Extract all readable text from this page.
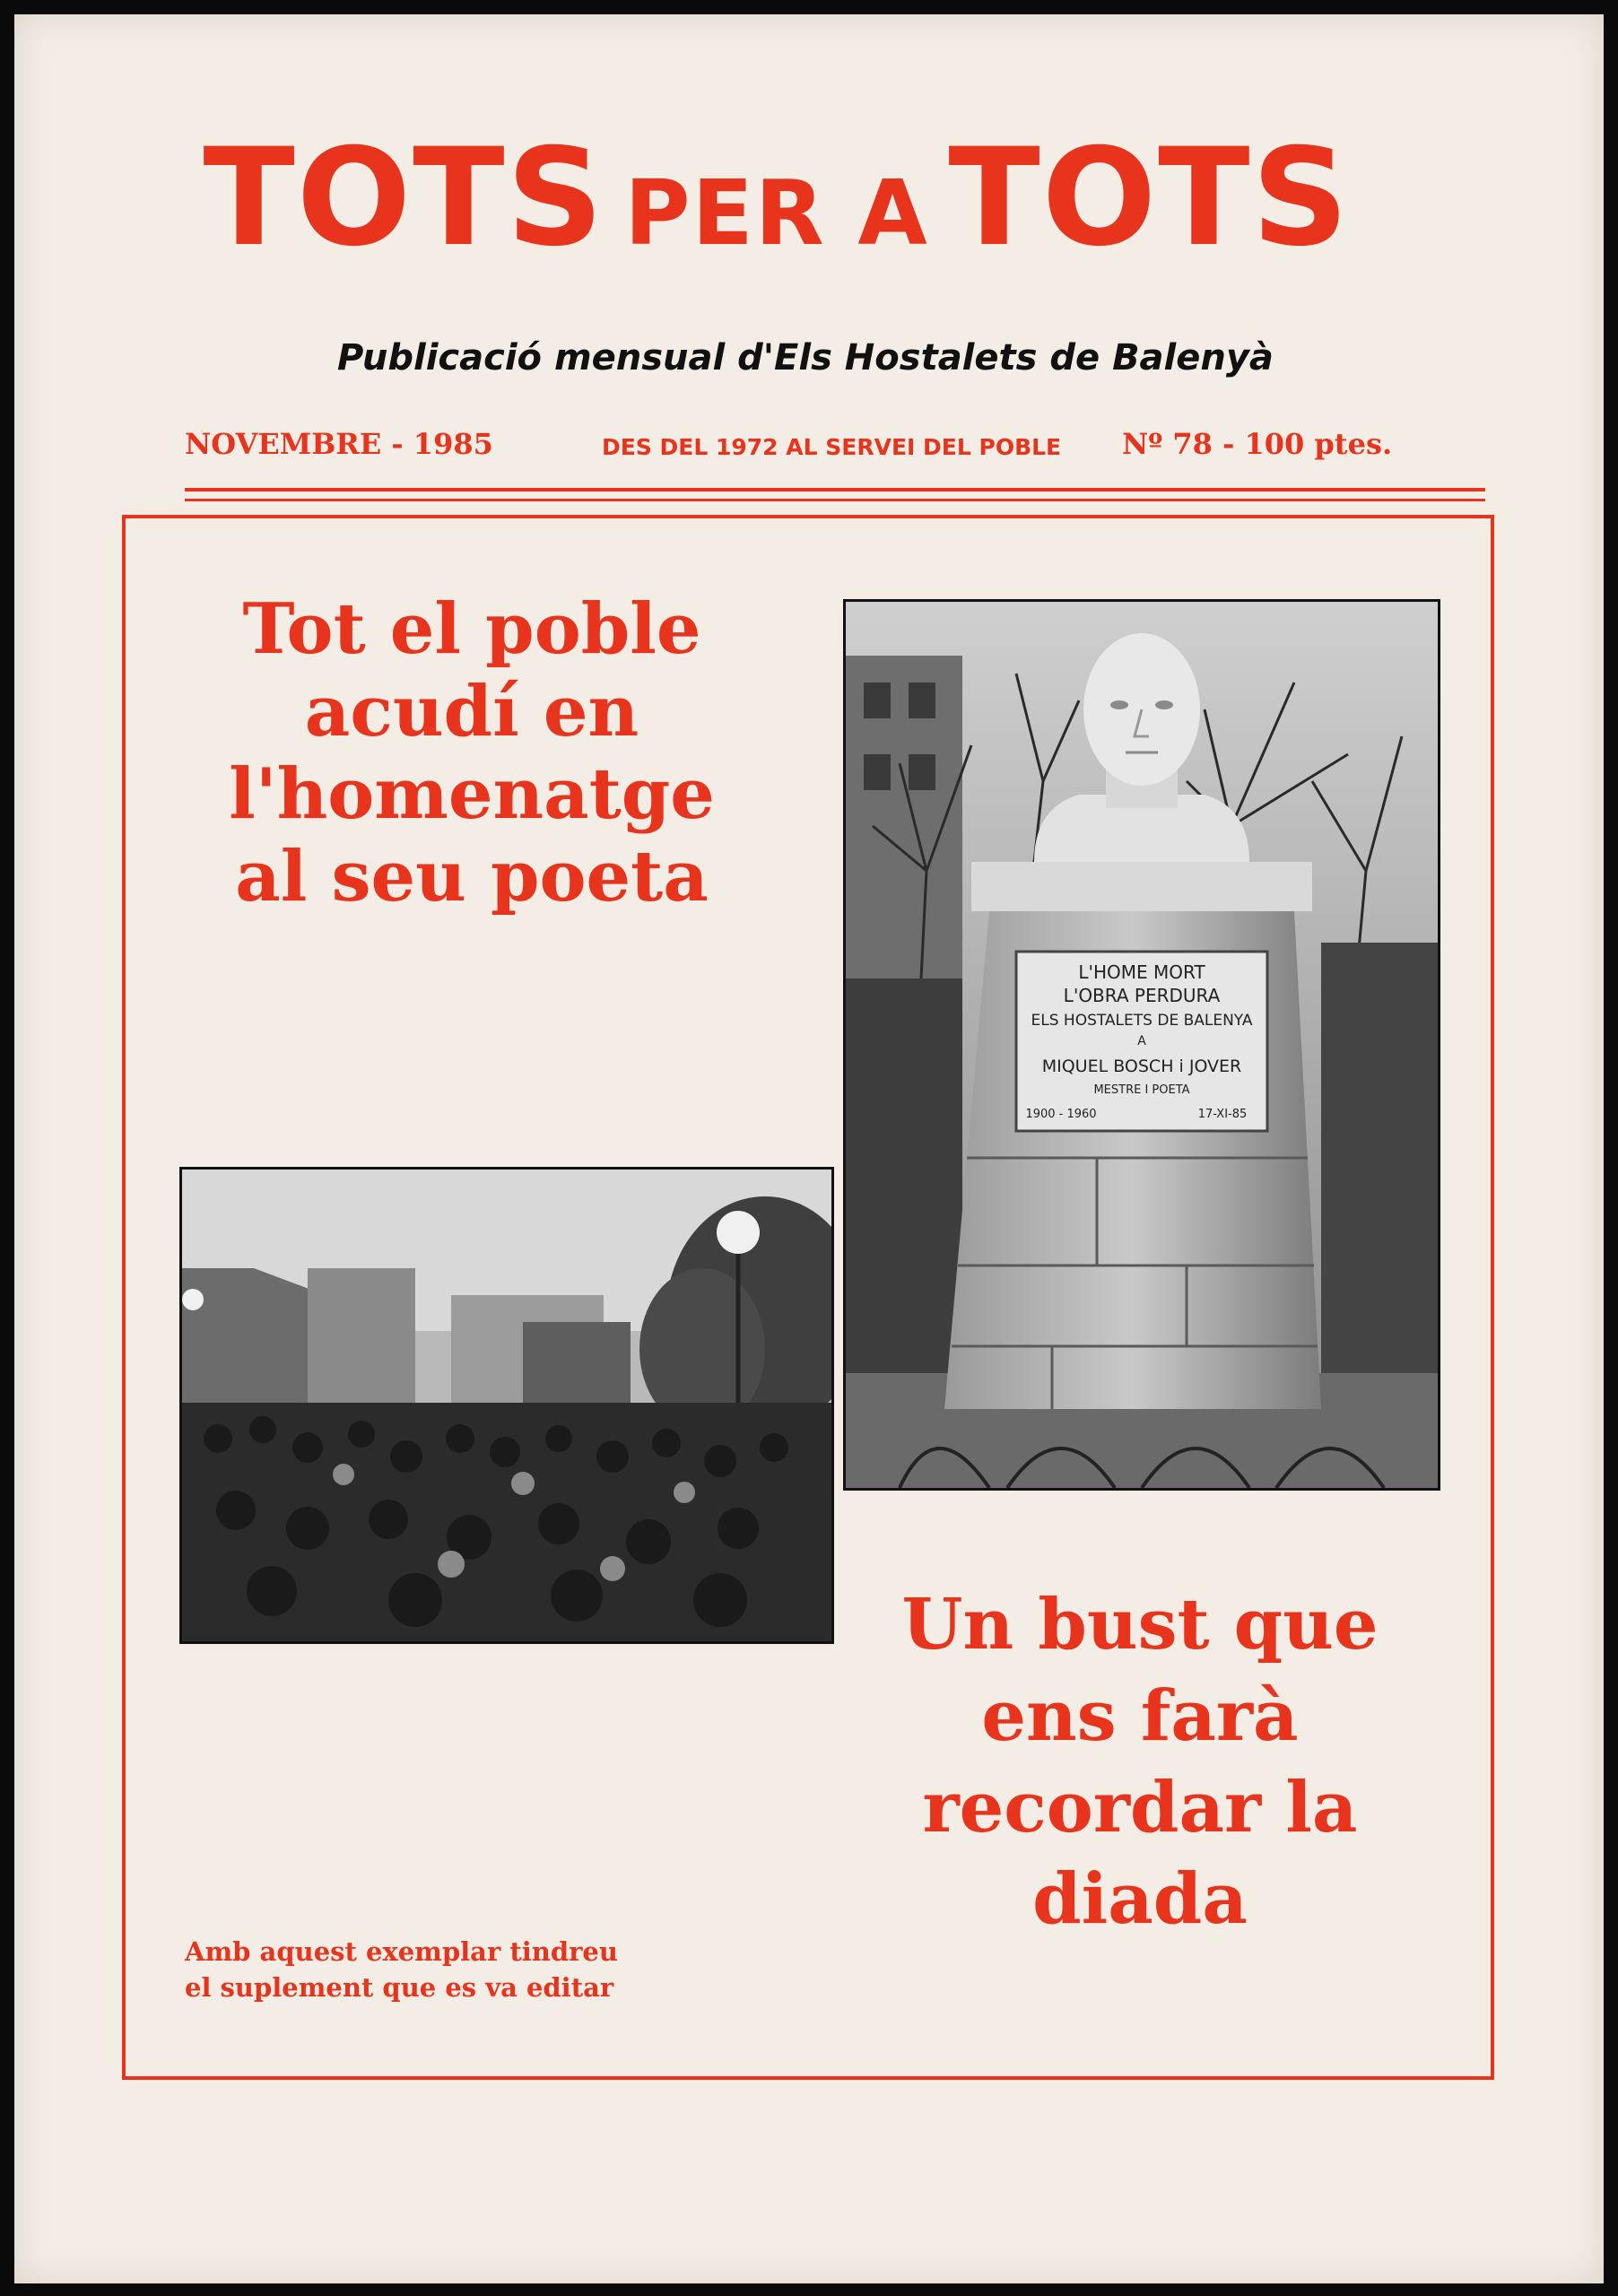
TOTS PER A TOTS
Publicació mensual d'Els Hostalets de Balenyà
NOVEMBRE - 1985	DES DEL 1972 AL SERVEI DEL POBLE Nº 78 - 100 ptes.
Tot el poble
acudí en
l'homenatge
al seu poeta
L'HOME MORT
L'OBRA PERDURA
ELS HOSTALETS DE BALENYA
A
MIQUEL BOSCH i JOVER
MESTRE I POETA
1900 - 1960	17-XI-85
Un bust que
ens farà
recordar la
diada
Amb aquest exemplar tindreu
el suplement que es va editar
